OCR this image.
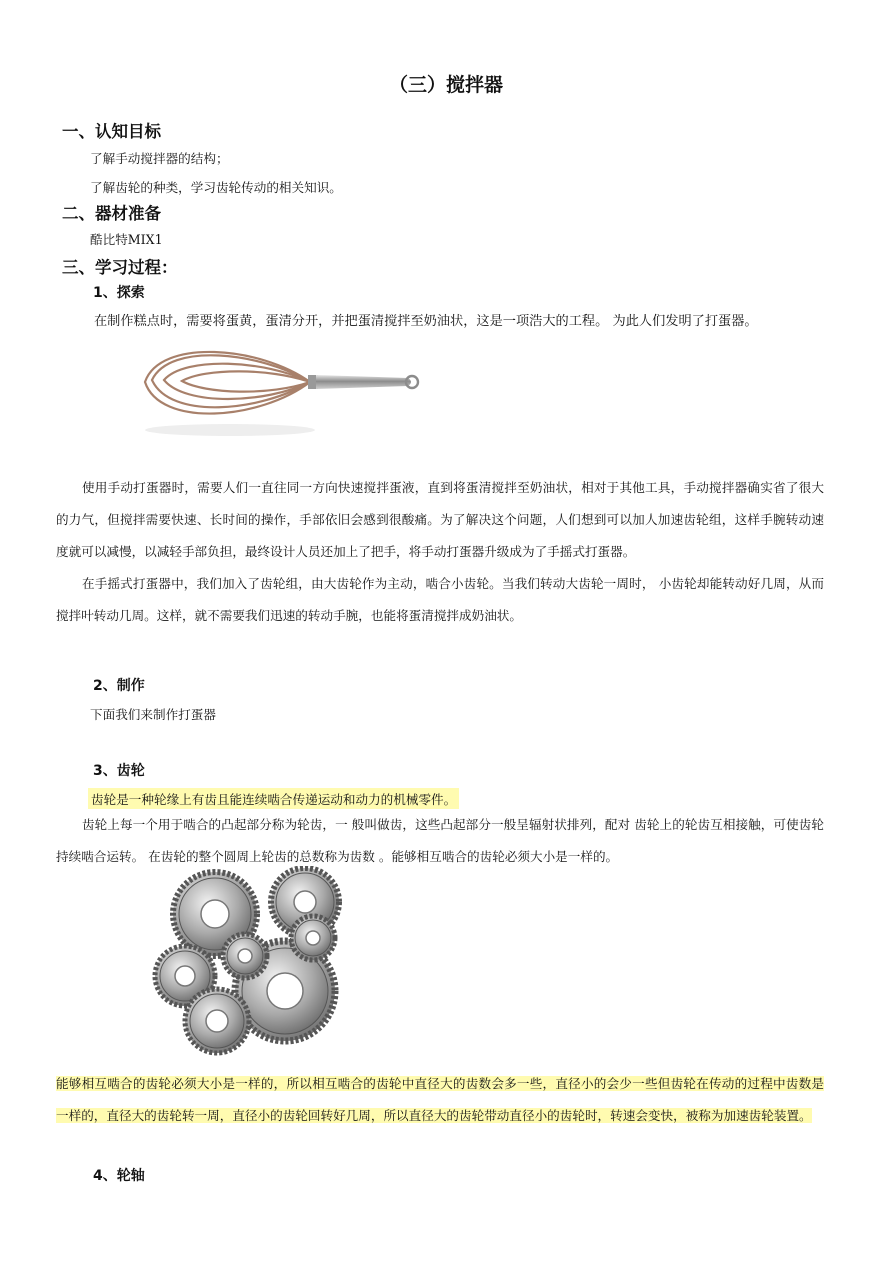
（三）搅拌器
一、认知目标
了解手动搅拌器的结构；
了解齿轮的种类，学习齿轮传动的相关知识。
二、器材准备
酷比特MIX1
三、学习过程：
1、探索
在制作糕点时，需要将蛋黄，蛋清分开，并把蛋清搅拌至奶油状，这是一项浩大的工程。 为此人们发明了打蛋器。
使用手动打蛋器时，需要人们一直往同一方向快速搅拌蛋液，直到将蛋清搅拌至奶油状，相对于其他工具，手动搅拌器确实省了很大的力气，但搅拌需要快速、长时间的操作，手部依旧会感到很酸痛。为了解决这个问题，人们想到可以加人加速齿轮组，这样手腕转动速度就可以减慢，以减轻手部负担，最终设计人员还加上了把手，将手动打蛋器升级成为了手摇式打蛋器。
在手摇式打蛋器中，我们加入了齿轮组，由大齿轮作为主动，啮合小齿轮。当我们转动大齿轮一周时， 小齿轮却能转动好几周，从而搅拌叶转动几周。这样，就不需要我们迅速的转动手腕，也能将蛋清搅拌成奶油状。
2、制作
下面我们来制作打蛋器
3、齿轮
齿轮是一种轮缘上有齿且能连续啮合传递运动和动力的机械零件。
齿轮上每一个用于啮合的凸起部分称为轮齿，一 般叫做齿，这些凸起部分一般呈辐射状排列，配对 齿轮上的轮齿互相接触，可使齿轮持续啮合运转。 在齿轮的整个圆周上轮齿的总数称为齿数 。能够相互啮合的齿轮必须大小是一样的。
能够相互啮合的齿轮必须大小是一样的，所以相互啮合的齿轮中直径大的齿数会多一些，直径小的会少一些但齿轮在传动的过程中齿数是一样的，直径大的齿轮转一周，直径小的齿轮回转好几周，所以直径大的齿轮带动直径小的齿轮时，转速会变快，被称为加速齿轮装置。
4、轮轴
